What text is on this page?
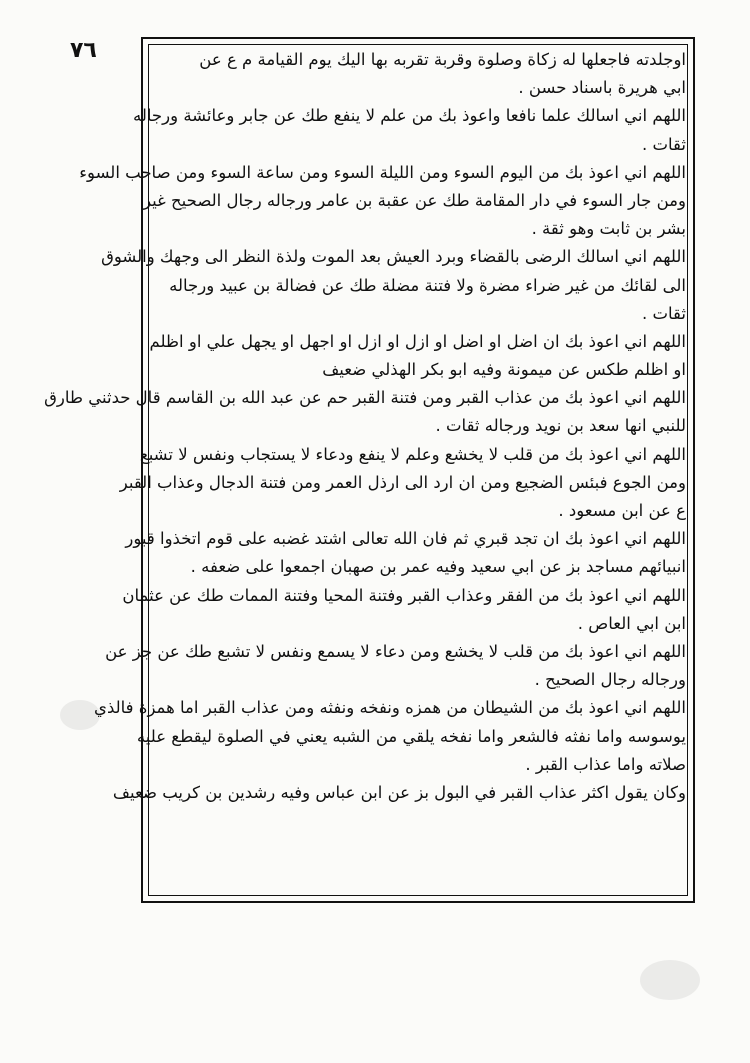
٧٦	اوجلدته فاجعلها له زكاة وصلوة وقربة تقربه بها اليك يوم القيامة م ع عن
ابي هريرة باسناد حسن .
اللهم اني اسالك علما نافعا واعوذ بك من علم لا ينفع طك عن جابر وعائشة ورجاله
ثقات .
اللهم اني اعوذ بك من اليوم السوء ومن الليلة السوء ومن ساعة السوء ومن صاحب السوء
ومن جار السوء في دار المقامة طك عن عقبة بن عامر ورجاله رجال الصحيح غير
بشر بن ثابت وهو ثقة .
اللهم اني اسالك الرضى بالقضاء وبرد العيش بعد الموت ولذة النظر الى وجهك والشوق
الى لقائك من غير ضراء مضرة ولا فتنة مضلة طك عن فضالة بن عبيد ورجاله
ثقات .
اللهم اني اعوذ بك ان اضل او اضل او ازل او ازل او اجهل او يجهل علي او اظلم
او اظلم طكس عن ميمونة وفيه ابو بكر الهذلي ضعيف
اللهم اني اعوذ بك من عذاب القبر ومن فتنة القبر حم عن عبد الله بن القاسم قال حدثني طارق
للنبي انها سعد بن نويد ورجاله ثقات .
اللهم اني اعوذ بك من قلب لا يخشع وعلم لا ينفع ودعاء لا يستجاب ونفس لا تشبع
ومن الجوع فبئس الضجيع ومن ان ارد الى ارذل العمر ومن فتنة الدجال وعذاب القبر
ع عن ابن مسعود .
اللهم اني اعوذ بك ان تجد قبري ثم فان الله تعالى اشتد غضبه على قوم اتخذوا قبور
انبيائهم مساجد بز عن ابي سعيد وفيه عمر بن صهبان اجمعوا على ضعفه .
اللهم اني اعوذ بك من الفقر وعذاب القبر وفتنة المحيا وفتنة الممات طك عن عثمان
ابن ابي العاص .
اللهم اني اعوذ بك من قلب لا يخشع ومن دعاء لا يسمع ونفس لا تشبع طك عن جز عن
ورجاله رجال الصحيح .
اللهم اني اعوذ بك من الشيطان من همزه ونفخه ونفثه ومن عذاب القبر اما همزة فالذي
يوسوسه واما نفثه فالشعر واما نفخه يلقي من الشبه يعني في الصلوة ليقطع عليه
صلاته واما عذاب القبر .
وكان يقول اكثر عذاب القبر في البول بز عن ابن عباس وفيه رشدين بن كريب ضعيف
